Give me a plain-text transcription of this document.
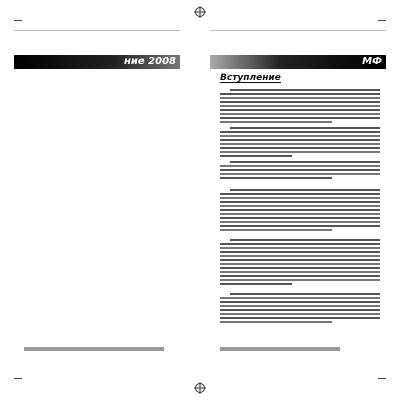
ние 2008	МФ
Вступление
